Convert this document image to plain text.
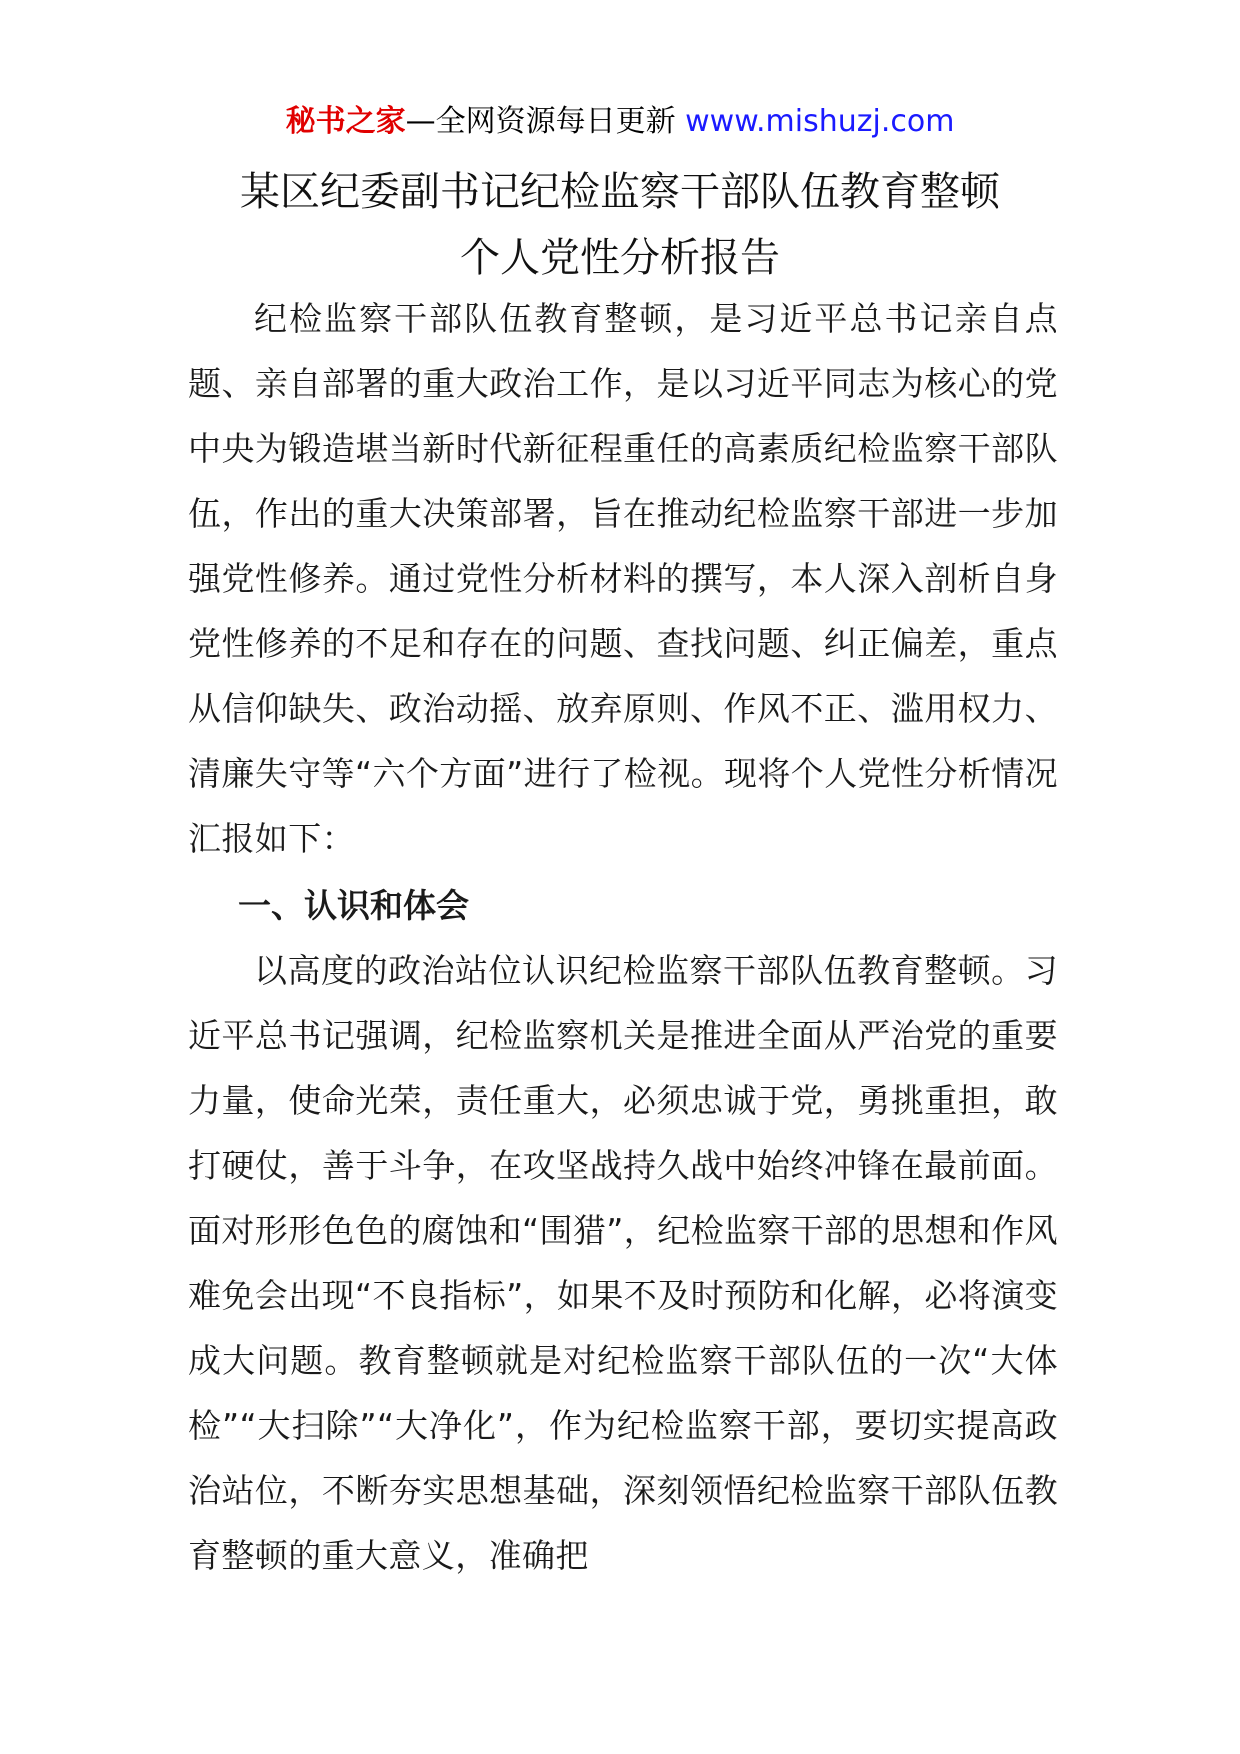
秘书之家—全网资源每日更新 www.mishuzj.com
某区纪委副书记纪检监察干部队伍教育整顿
个人党性分析报告

纪检监察干部队伍教育整顿，是习近平总书记亲自点题、亲自部署的重大政治工作，是以习近平同志为核心的党中央为锻造堪当新时代新征程重任的高素质纪检监察干部队伍，作出的重大决策部署，旨在推动纪检监察干部进一步加强党性修养。通过党性分析材料的撰写，本人深入剖析自身党性修养的不足和存在的问题、查找问题、纠正偏差，重点从信仰缺失、政治动摇、放弃原则、作风不正、滥用权力、清廉失守等“六个方面”进行了检视。现将个人党性分析情况汇报如下：

一、认识和体会

以高度的政治站位认识纪检监察干部队伍教育整顿。习近平总书记强调，纪检监察机关是推进全面从严治党的重要力量，使命光荣，责任重大，必须忠诚于党，勇挑重担，敢打硬仗，善于斗争，在攻坚战持久战中始终冲锋在最前面。面对形形色色的腐蚀和“围猎”，纪检监察干部的思想和作风难免会出现“不良指标”，如果不及时预防和化解，必将演变成大问题。教育整顿就是对纪检监察干部队伍的一次“大体检”“大扫除”“大净化”，作为纪检监察干部，要切实提高政治站位，不断夯实思想基础，深刻领悟纪检监察干部队伍教育整顿的重大意义，准确把
